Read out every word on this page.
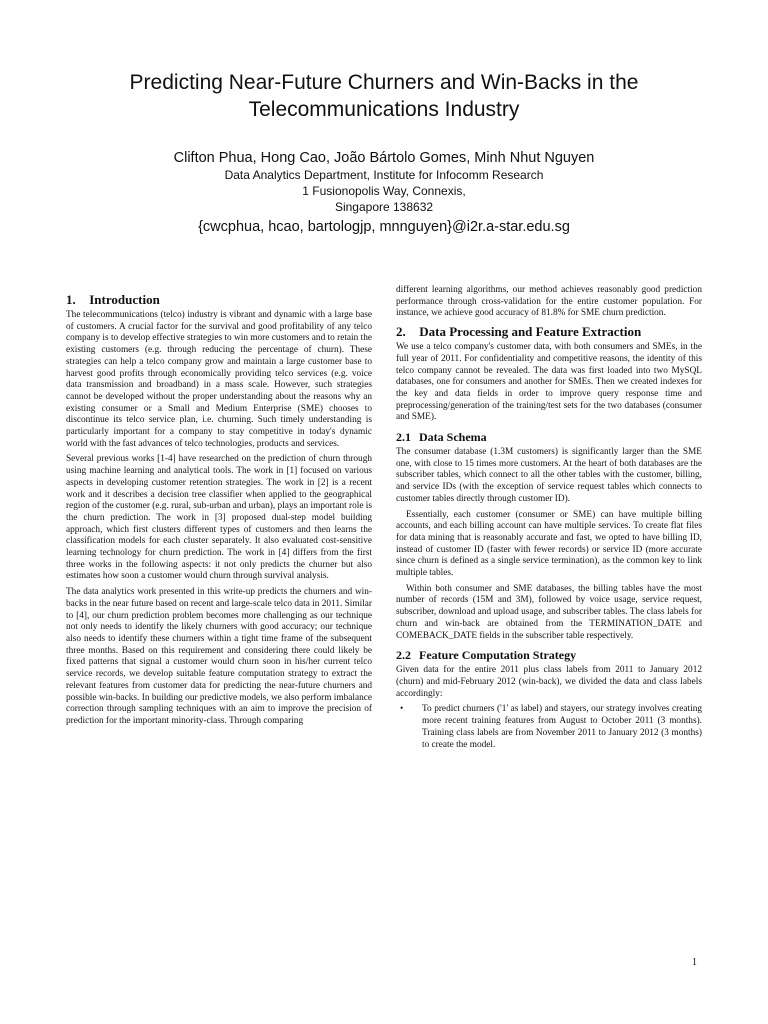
Predicting Near-Future Churners and Win-Backs in the
Telecommunications Industry

Clifton Phua, Hong Cao, João Bártolo Gomes, Minh Nhut Nguyen

Data Analytics Department, Institute for Infocomm Research

1 Fusionopolis Way, Connexis,

Singapore 138632

{cwcphua, hcao, bartologjp, mnnguyen}@i2r.a-star.edu.sg

1. Introduction

The telecommunications (telco) industry is vibrant and dynamic with a large base of customers. A crucial factor for the survival and good profitability of any telco company is to develop effective strategies to win more customers and to retain the existing customers (e.g. through reducing the percentage of churn). These strategies can help a telco company grow and maintain a large customer base to harvest good profits through economically providing telco services (e.g. voice data transmission and broadband) in a mass scale. However, such strategies cannot be developed without the proper understanding about the reasons why an existing consumer or a Small and Medium Enterprise (SME) chooses to discontinue its telco service plan, i.e. churning. Such timely understanding is particularly important for a company to stay competitive in today's dynamic world with the fast advances of telco technologies, products and services.

Several previous works [1-4] have researched on the prediction of churn through using machine learning and analytical tools. The work in [1] focused on various aspects in developing customer retention strategies. The work in [2] is a recent work and it describes a decision tree classifier when applied to the geographical region of the customer (e.g. rural, sub-urban and urban), plays an important role is the churn prediction. The work in [3] proposed dual-step model building approach, which first clusters different types of customers and then learns the classification models for each cluster separately. It also evaluated cost-sensitive learning technology for churn prediction. The work in [4] differs from the first three works in the following aspects: it not only predicts the churner but also estimates how soon a customer would churn through survival analysis.

The data analytics work presented in this write-up predicts the churners and win-backs in the near future based on recent and large-scale telco data in 2011. Similar to [4], our churn prediction problem becomes more challenging as our technique not only needs to identify the likely churners with good accuracy; our technique also needs to identify these churners within a tight time frame of the subsequent three months. Based on this requirement and considering there could likely be fixed patterns that signal a customer would churn soon in his/her current telco service records, we develop suitable feature computation strategy to extract the relevant features from customer data for predicting the near-future churners and possible win-backs. In building our predictive models, we also perform imbalance correction through sampling techniques with an aim to improve the precision of prediction for the important minority-class. Through comparing

different learning algorithms, our method achieves reasonably good prediction performance through cross-validation for the entire customer population. For instance, we achieve good accuracy of 81.8% for SME churn prediction.

2. Data Processing and Feature Extraction

We use a telco company's customer data, with both consumers and SMEs, in the full year of 2011. For confidentiality and competitive reasons, the identity of this telco company cannot be revealed. The data was first loaded into two MySQL databases, one for consumers and another for SMEs. Then we created indexes for the key and data fields in order to improve query response time and preprocessing/generation of the training/test sets for the two databases (consumer and SME).

2.1 Data Schema

The consumer database (1.3M customers) is significantly larger than the SME one, with close to 15 times more customers. At the heart of both databases are the subscriber tables, which connect to all the other tables with the customer, billing, and service IDs (with the exception of service request tables which connects to customer tables directly through customer ID).

Essentially, each customer (consumer or SME) can have multiple billing accounts, and each billing account can have multiple services. To create flat files for data mining that is reasonably accurate and fast, we opted to have billing ID, instead of customer ID (faster with fewer records) or service ID (more accurate since churn is defined as a single service termination), as the common key to link multiple tables.

Within both consumer and SME databases, the billing tables have the most number of records (15M and 3M), followed by voice usage, service request, subscriber, download and upload usage, and subscriber tables. The class labels for churn and win-back are obtained from the TERMINATION_DATE and COMEBACK_DATE fields in the subscriber table respectively.

2.2 Feature Computation Strategy

Given data for the entire 2011 plus class labels from 2011 to January 2012 (churn) and mid-February 2012 (win-back), we divided the data and class labels accordingly:

•	To predict churners ('1' as label) and stayers, our strategy involves creating more recent training features from August to October 2011 (3 months). Training class labels are from November 2011 to January 2012 (3 months) to create the model.

1
